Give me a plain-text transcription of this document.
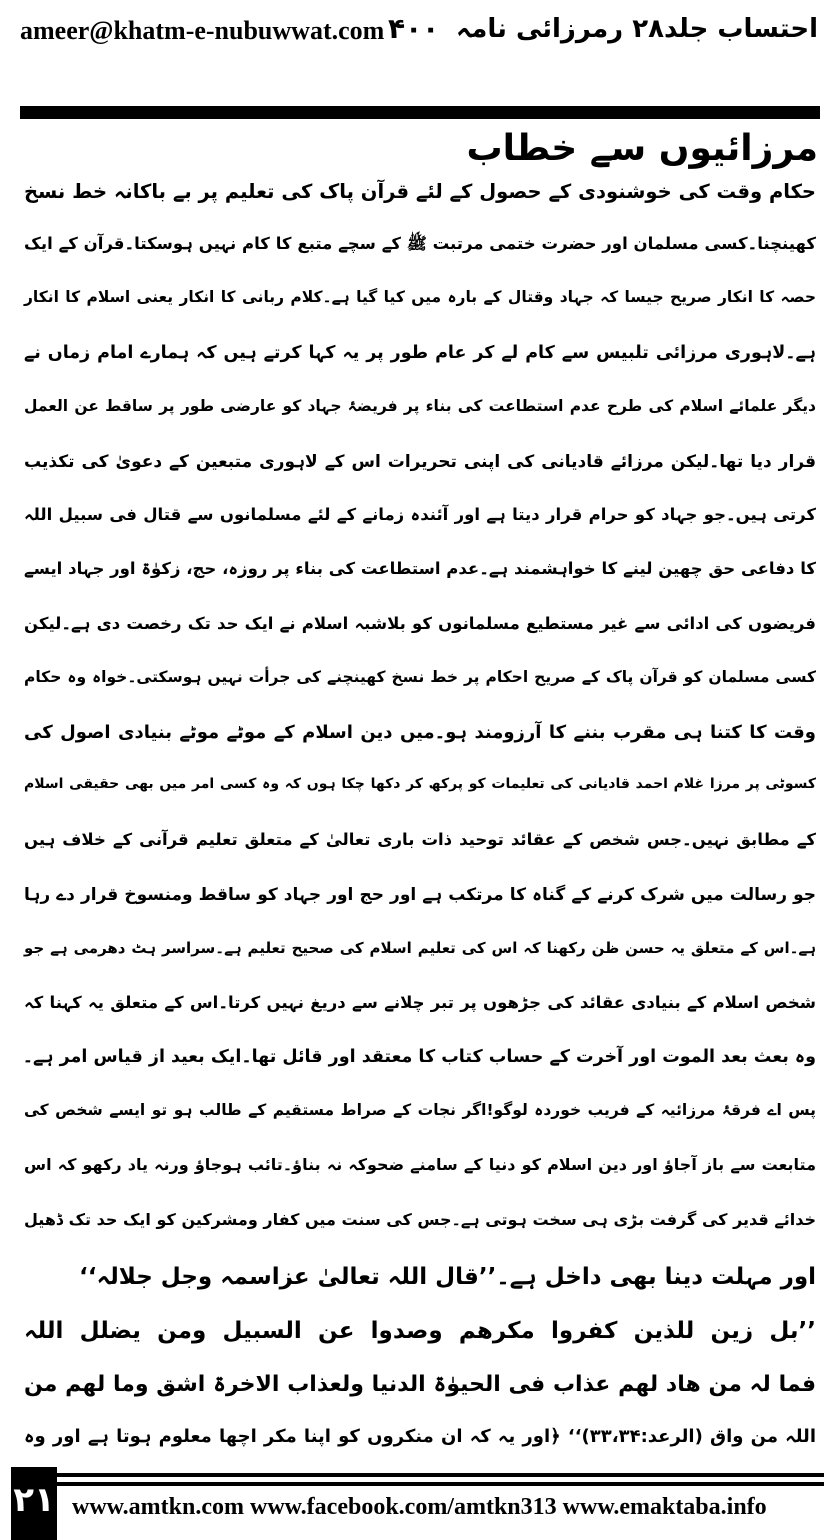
ameer@khatm-e-nubuwwat.com ۴۰۰ احتساب جلد۲۸ رمرزائی نامہ
مرزائیوں سے خطاب
حکام وقت کی خوشنودی کے حصول کے لئے قرآن پاک کی تعلیم پر بے باکانہ خط نسخ
کھینچنا۔کسی مسلمان اور حضرت ختمی مرتبت ﷺ کے سچے متبع کا کام نہیں ہوسکتا۔قرآن کے ایک
حصہ کا انکار صریح جیسا کہ جہاد وقتال کے بارہ میں کیا گیا ہے۔کلام ربانی کا انکار یعنی اسلام کا انکار
ہے۔لاہوری مرزائی تلبیس سے کام لے کر عام طور پر یہ کہا کرتے ہیں کہ ہمارے امام زماں نے
دیگر علمائے اسلام کی طرح عدم استطاعت کی بناء پر فریضۂ جہاد کو عارضی طور پر ساقط عن العمل
قرار دیا تھا۔لیکن مرزائے قادیانی کی اپنی تحریرات اس کے لاہوری متبعین کے دعویٰ کی تکذیب
کرتی ہیں۔جو جہاد کو حرام قرار دیتا ہے اور آئندہ زمانے کے لئے مسلمانوں سے قتال فی سبیل اللہ
کا دفاعی حق چھین لینے کا خواہشمند ہے۔عدم استطاعت کی بناء پر روزہ، حج، زکوٰۃ اور جہاد ایسے
فریضوں کی ادائی سے غیر مستطیع مسلمانوں کو بلاشبہ اسلام نے ایک حد تک رخصت دی ہے۔لیکن
کسی مسلمان کو قرآن پاک کے صریح احکام پر خط نسخ کھینچنے کی جرأت نہیں ہوسکتی۔خواہ وہ حکام
وقت کا کتنا ہی مقرب بننے کا آرزومند ہو۔میں دین اسلام کے موٹے موٹے بنیادی اصول کی
کسوٹی پر مرزا غلام احمد قادیانی کی تعلیمات کو پرکھ کر دکھا چکا ہوں کہ وہ کسی امر میں بھی حقیقی اسلام
کے مطابق نہیں۔جس شخص کے عقائد توحید ذات باری تعالیٰ کے متعلق تعلیم قرآنی کے خلاف ہیں
جو رسالت میں شرک کرنے کے گناہ کا مرتکب ہے اور حج اور جہاد کو ساقط ومنسوخ قرار دے رہا
ہے۔اس کے متعلق یہ حسن ظن رکھنا کہ اس کی تعلیم اسلام کی صحیح تعلیم ہے۔سراسر ہٹ دھرمی ہے جو
شخص اسلام کے بنیادی عقائد کی جڑھوں پر تبر چلانے سے دریغ نہیں کرتا۔اس کے متعلق یہ کہنا کہ
وہ بعث بعد الموت اور آخرت کے حساب کتاب کا معتقد اور قائل تھا۔ایک بعید از قیاس امر ہے۔
پس اے فرقۂ مرزائیہ کے فریب خوردہ لوگو!اگر نجات کے صراط مستقیم کے طالب ہو تو ایسے شخص کی
متابعت سے باز آجاؤ اور دین اسلام کو دنیا کے سامنے ضحوکہ نہ بناؤ۔تائب ہوجاؤ ورنہ یاد رکھو کہ اس
خدائے قدیر کی گرفت بڑی ہی سخت ہوتی ہے۔جس کی سنت میں کفار ومشرکین کو ایک حد تک ڈھیل
اور مہلت دینا بھی داخل ہے۔’’قال اللہ تعالیٰ عزاسمہ وجل جلالہ‘‘
’’بل زین للذین کفروا مکرھم وصدوا عن السبیل ومن یضلل اللہ
فما لہ من ھاد لھم عذاب فی الحیوٰۃ الدنیا ولعذاب الاخرۃ اشق وما لھم من
اللہ من واق (الرعد:۳۳،۳۴)‘‘ ﴿اور یہ کہ ان منکروں کو اپنا مکر اچھا معلوم ہوتا ہے اور وہ
۲۱ www.amtkn.com www.facebook.com/amtkn313 www.emaktaba.info
